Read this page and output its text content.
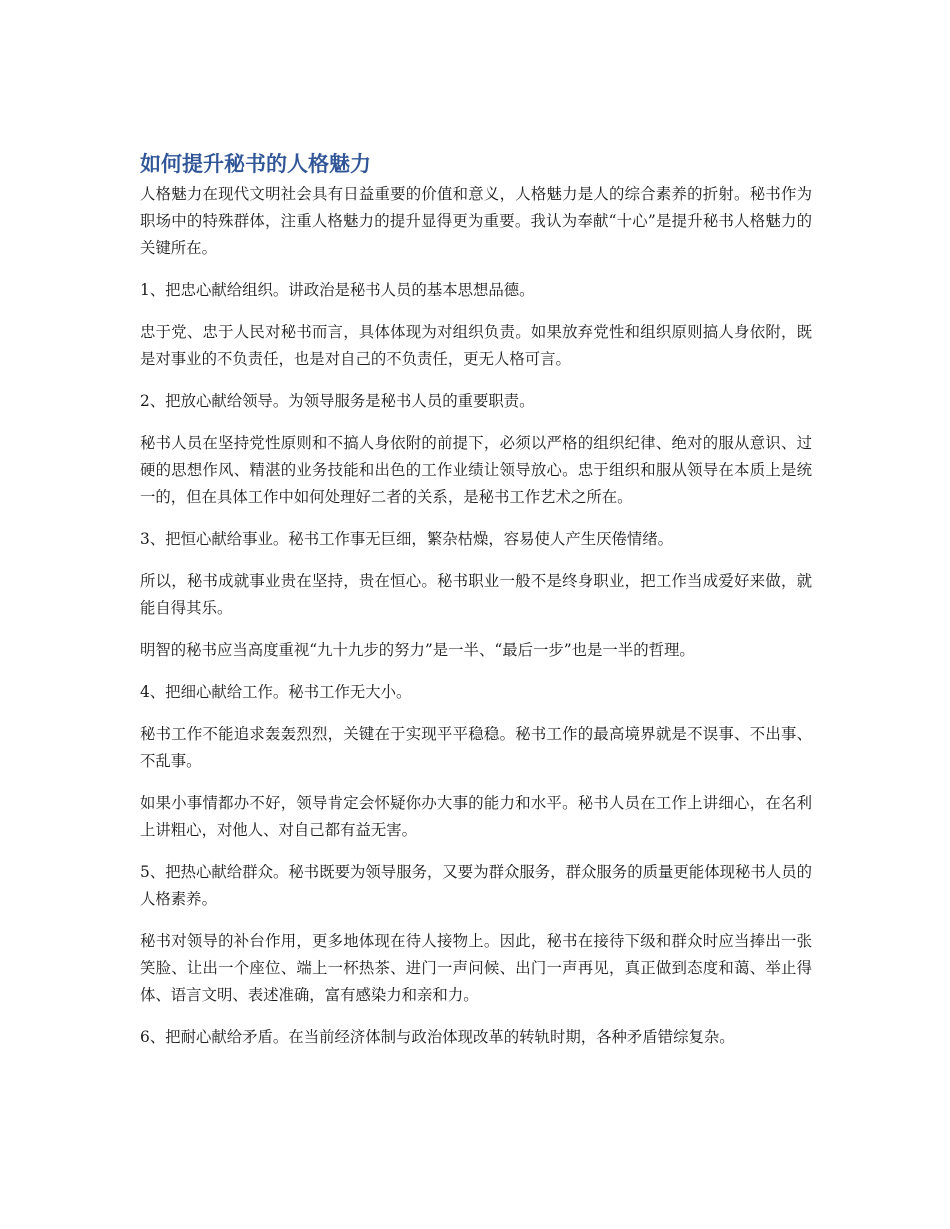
如何提升秘书的人格魅力

人格魅力在现代文明社会具有日益重要的价值和意义，人格魅力是人的综合素养的折射。秘书作为职场中的特殊群体，注重人格魅力的提升显得更为重要。我认为奉献“十心”是提升秘书人格魅力的关键所在。

1、把忠心献给组织。讲政治是秘书人员的基本思想品德。

忠于党、忠于人民对秘书而言，具体体现为对组织负责。如果放弃党性和组织原则搞人身依附，既是对事业的不负责任，也是对自己的不负责任，更无人格可言。

2、把放心献给领导。为领导服务是秘书人员的重要职责。

秘书人员在坚持党性原则和不搞人身依附的前提下，必须以严格的组织纪律、绝对的服从意识、过硬的思想作风、精湛的业务技能和出色的工作业绩让领导放心。忠于组织和服从领导在本质上是统一的，但在具体工作中如何处理好二者的关系，是秘书工作艺术之所在。

3、把恒心献给事业。秘书工作事无巨细，繁杂枯燥，容易使人产生厌倦情绪。

所以，秘书成就事业贵在坚持，贵在恒心。秘书职业一般不是终身职业，把工作当成爱好来做，就能自得其乐。

明智的秘书应当高度重视“九十九步的努力”是一半、“最后一步”也是一半的哲理。

4、把细心献给工作。秘书工作无大小。

秘书工作不能追求轰轰烈烈，关键在于实现平平稳稳。秘书工作的最高境界就是不误事、不出事、不乱事。

如果小事情都办不好，领导肯定会怀疑你办大事的能力和水平。秘书人员在工作上讲细心，在名利上讲粗心，对他人、对自己都有益无害。

5、把热心献给群众。秘书既要为领导服务，又要为群众服务，群众服务的质量更能体现秘书人员的人格素养。

秘书对领导的补台作用，更多地体现在待人接物上。因此，秘书在接待下级和群众时应当捧出一张笑脸、让出一个座位、端上一杯热茶、进门一声问候、出门一声再见，真正做到态度和蔼、举止得体、语言文明、表述准确，富有感染力和亲和力。

6、把耐心献给矛盾。在当前经济体制与政治体现改革的转轨时期，各种矛盾错综复杂。
